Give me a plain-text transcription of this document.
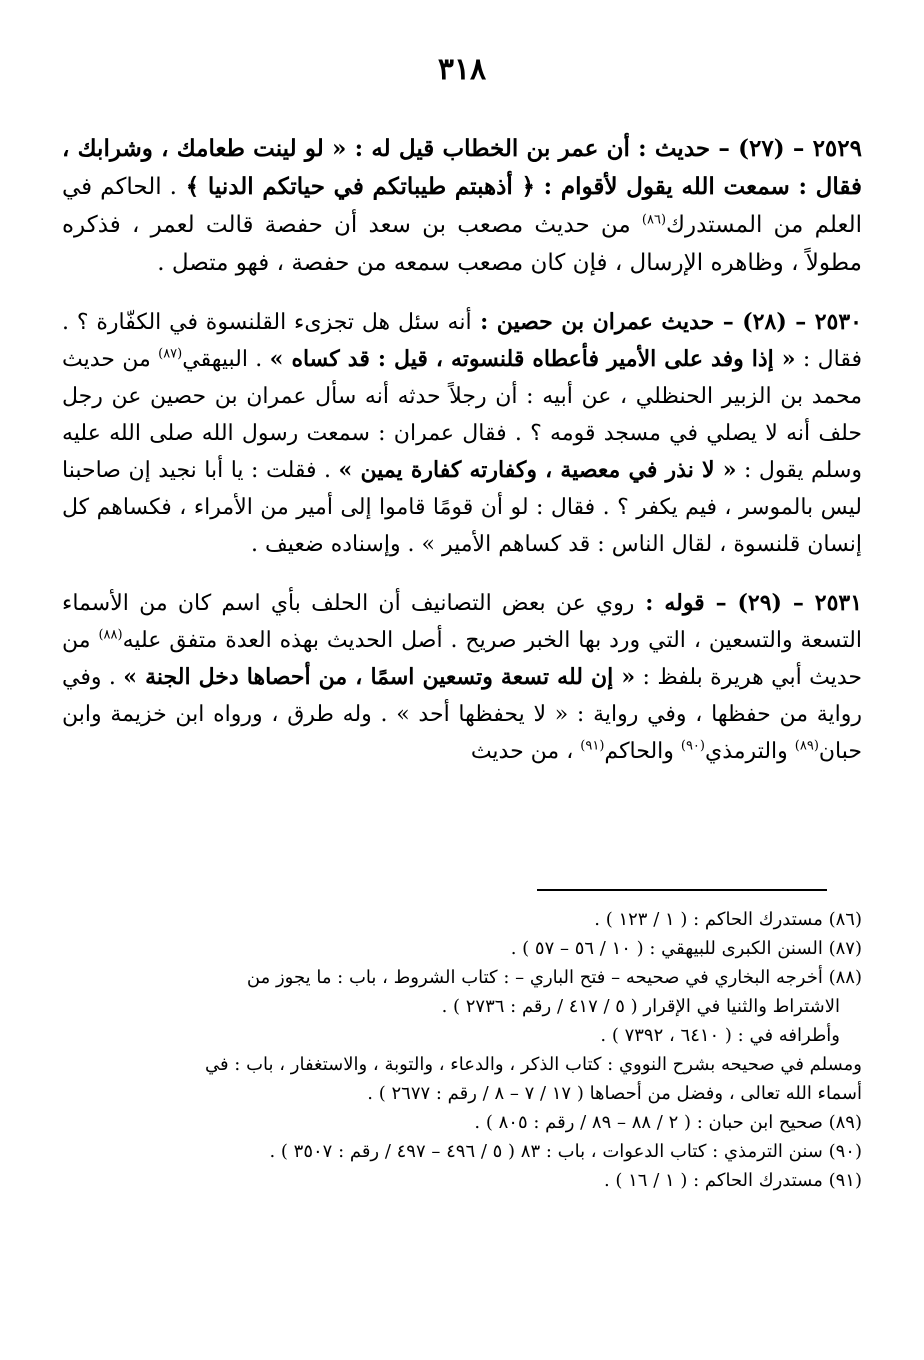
٣١٨

٢٥٢٩ – (٢٧) – حديث : أن عمر بن الخطاب قيل له : « لو لينت طعامك ، وشرابك ، فقال : سمعت الله يقول لأقوام : ﴿ أذهبتم طيباتكم في حياتكم الدنيا ﴾ . الحاكم في العلم من المستدرك$^{(٨٦)}$ من حديث مصعب بن سعد أن حفصة قالت لعمر ، فذكره مطولاً ، وظاهره الإرسال ، فإن كان مصعب سمعه من حفصة ، فهو متصل .

٢٥٣٠ – (٢٨) – حديث عمران بن حصين : أنه سئل هل تجزىء القلنسوة في الكفّارة ؟ . فقال : « إذا وفد على الأمير فأعطاه قلنسوته ، قيل : قد كساه » . البيهقي$^{(٨٧)}$ من حديث محمد بن الزبير الحنظلي ، عن أبيه : أن رجلاً حدثه أنه سأل عمران بن حصين عن رجل حلف أنه لا يصلي في مسجد قومه ؟ . فقال عمران : سمعت رسول الله صلى الله عليه وسلم يقول : « لا نذر في معصية ، وكفارته كفارة يمين » . فقلت : يا أبا نجيد إن صاحبنا ليس بالموسر ، فيم يكفر ؟ . فقال : لو أن قومًا قاموا إلى أمير من الأمراء ، فكساهم كل إنسان قلنسوة ، لقال الناس : قد كساهم الأمير » . وإسناده ضعيف .

٢٥٣١ – (٢٩) – قوله : روي عن بعض التصانيف أن الحلف بأي اسم كان من الأسماء التسعة والتسعين ، التي ورد بها الخبر صريح . أصل الحديث بهذه العدة متفق عليه$^{(٨٨)}$ من حديث أبي هريرة بلفظ : « إن لله تسعة وتسعين اسمًا ، من أحصاها دخل الجنة » . وفي رواية من حفظها ، وفي رواية : « لا يحفظها أحد » . وله طرق ، ورواه ابن خزيمة وابن حبان$^{(٨٩)}$ والترمذي$^{(٩٠)}$ والحاكم$^{(٩١)}$ ، من حديث

(٨٦) مستدرك الحاكم : ( ١ / ١٢٣ ) .

(٨٧) السنن الكبرى للبيهقي : ( ١٠ / ٥٦ – ٥٧ ) .

(٨٨) أخرجه البخاري في صحيحه – فتح الباري – : كتاب الشروط ، باب : ما يجوز من

الاشتراط والثنيا في الإقرار ( ٥ / ٤١٧ / رقم : ٢٧٣٦ ) .

وأطرافه في : ( ٦٤١٠ ، ٧٣٩٢ ) .

ومسلم في صحيحه بشرح النووي : كتاب الذكر ، والدعاء ، والتوبة ، والاستغفار ، باب : في

أسماء الله تعالى ، وفضل من أحصاها ( ١٧ / ٧ – ٨ / رقم : ٢٦٧٧ ) .

(٨٩) صحيح ابن حبان : ( ٢ / ٨٨ – ٨٩ / رقم : ٨٠٥ ) .

(٩٠) سنن الترمذي : كتاب الدعوات ، باب : ٨٣ ( ٥ / ٤٩٦ – ٤٩٧ / رقم : ٣٥٠٧ ) .

(٩١) مستدرك الحاكم : ( ١ / ١٦ ) .
